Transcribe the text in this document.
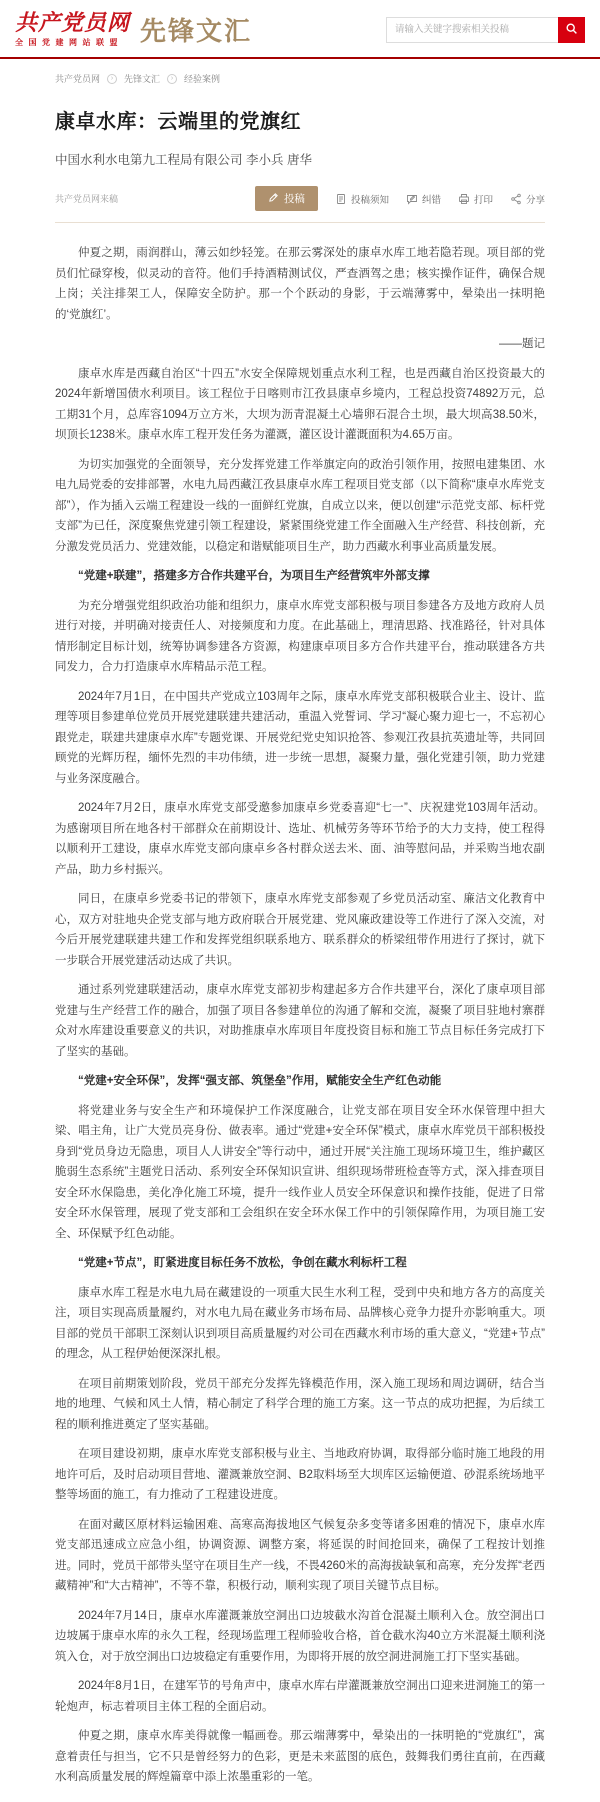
共产党员网
全国党建网站联盟 先锋文汇
请输入关键字搜索相关投稿
共产党员网	›	先锋文汇	›	经验案例
康卓水库：云端里的党旗红
中国水利水电第九工程局有限公司 李小兵 唐华
共产党员网来稿	投稿	投稿须知	纠错	打印	分享

仲夏之期，雨润群山，薄云如纱轻笼。在那云雾深处的康卓水库工地若隐若现。项目部的党员们忙碌穿梭，似灵动的音符。他们手持酒精测试仪，严查酒驾之患；核实操作证件，确保合规上岗；关注排架工人，保障安全防护。那一个个跃动的身影，于云端薄雾中，晕染出一抹明艳的‘党旗红’。

——题记

康卓水库是西藏自治区“十四五”水安全保障规划重点水利工程，也是西藏自治区投资最大的2024年新增国债水利项目。该工程位于日喀则市江孜县康卓乡境内，工程总投资74892万元，总工期31个月，总库容1094万立方米，大坝为沥青混凝土心墙卵石混合土坝，最大坝高38.50米，坝顶长1238米。康卓水库工程开发任务为灌溉，灌区设计灌溉面积为4.65万亩。

为切实加强党的全面领导，充分发挥党建工作举旗定向的政治引领作用，按照电建集团、水电九局党委的安排部署，水电九局西藏江孜县康卓水库工程项目党支部（以下简称“康卓水库党支部”），作为插入云端工程建设一线的一面鲜红党旗，自成立以来，便以创建“示范党支部、标杆党支部”为已任，深度聚焦党建引领工程建设，紧紧围绕党建工作全面融入生产经营、科技创新，充分激发党员活力、党建效能，以稳定和谐赋能项目生产，助力西藏水利事业高质量发展。

“党建+联建”，搭建多方合作共建平台，为项目生产经营筑牢外部支撑

为充分增强党组织政治功能和组织力，康卓水库党支部积极与项目参建各方及地方政府人员进行对接，并明确对接责任人、对接频度和力度。在此基础上，理清思路、找准路径，针对具体情形制定目标计划，统筹协调参建各方资源，构建康卓项目多方合作共建平台，推动联建各方共同发力，合力打造康卓水库精品示范工程。

2024年7月1日，在中国共产党成立103周年之际，康卓水库党支部积极联合业主、设计、监理等项目参建单位党员开展党建联建共建活动，重温入党誓词、学习“凝心聚力迎七一，不忘初心跟党走，联建共建康卓水库”专题党课、开展党纪党史知识抢答、参观江孜县抗英遗址等，共同回顾党的光辉历程，缅怀先烈的丰功伟绩，进一步统一思想，凝聚力量，强化党建引领，助力党建与业务深度融合。

2024年7月2日，康卓水库党支部受邀参加康卓乡党委喜迎“七一”、庆祝建党103周年活动。为感谢项目所在地各村干部群众在前期设计、选址、机械劳务等环节给予的大力支持，使工程得以顺利开工建设，康卓水库党支部向康卓乡各村群众送去米、面、油等慰问品，并采购当地农副产品，助力乡村振兴。

同日，在康卓乡党委书记的带领下，康卓水库党支部参观了乡党员活动室、廉洁文化教育中心，双方对驻地央企党支部与地方政府联合开展党建、党风廉政建设等工作进行了深入交流，对今后开展党建联建共建工作和发挥党组织联系地方、联系群众的桥梁纽带作用进行了探讨，就下一步联合开展党建活动达成了共识。

通过系列党建联建活动，康卓水库党支部初步构建起多方合作共建平台，深化了康卓项目部党建与生产经营工作的融合，加强了项目各参建单位的沟通了解和交流，凝聚了项目驻地村寨群众对水库建设重要意义的共识，对助推康卓水库项目年度投资目标和施工节点目标任务完成打下了坚实的基础。

“党建+安全环保”，发挥“强支部、筑堡垒”作用，赋能安全生产红色动能

将党建业务与安全生产和环境保护工作深度融合，让党支部在项目安全环水保管理中担大梁、唱主角，让广大党员亮身份、做表率。通过“党建+安全环保”模式，康卓水库党员干部积极投身到“党员身边无隐患，项目人人讲安全”等行动中，通过开展“关注施工现场环境卫生，维护藏区脆弱生态系统”主题党日活动、系列安全环保知识宣讲、组织现场带班检查等方式，深入排查项目安全环水保隐患，美化净化施工环境，提升一线作业人员安全环保意识和操作技能，促进了日常安全环水保管理，展现了党支部和工会组织在安全环水保工作中的引领保障作用，为项目施工安全、环保赋予红色动能。

“党建+节点”，盯紧进度目标任务不放松，争创在藏水利标杆工程

康卓水库工程是水电九局在藏建设的一项重大民生水利工程，受到中央和地方各方的高度关注，项目实现高质量履约，对水电九局在藏业务市场布局、品牌核心竞争力提升亦影响重大。项目部的党员干部职工深刻认识到项目高质量履约对公司在西藏水利市场的重大意义，“党建+节点”的理念，从工程伊始便深深扎根。

在项目前期策划阶段，党员干部充分发挥先锋模范作用，深入施工现场和周边调研，结合当地的地理、气候和风土人情，精心制定了科学合理的施工方案。这一节点的成功把握，为后续工程的顺利推进奠定了坚实基础。

在项目建设初期，康卓水库党支部积极与业主、当地政府协调，取得部分临时施工地段的用地许可后，及时启动项目营地、灌溉兼放空洞、B2取料场至大坝库区运输便道、砂混系统场地平整等场面的施工，有力推动了工程建设进度。

在面对藏区原材料运输困难、高寒高海拔地区气候复杂多变等诸多困难的情况下，康卓水库党支部迅速成立应急小组，协调资源、调整方案，将延误的时间抢回来，确保了工程按计划推进。同时，党员干部带头坚守在项目生产一线，不畏4260米的高海拔缺氧和高寒，充分发挥“老西藏精神”和“大古精神”，不等不靠，积极行动，顺利实现了项目关键节点目标。

2024年7月14日，康卓水库灌溉兼放空洞出口边坡截水沟首仓混凝土顺利入仓。放空洞出口边坡属于康卓水库的永久工程，经现场监理工程师验收合格，首仓截水沟40立方米混凝土顺利浇筑入仓，对于放空洞出口边坡稳定有重要作用，为即将开展的放空洞进洞施工打下坚实基础。

2024年8月1日，在建军节的号角声中，康卓水库右岸灌溉兼放空洞出口迎来进洞施工的第一轮炮声，标志着项目主体工程的全面启动。

仲夏之期，康卓水库美得就像一幅画卷。那云端薄雾中，晕染出的一抹明艳的“党旗红”，寓意着责任与担当，它不只是曾经努力的色彩，更是未来蓝图的底色，鼓舞我们勇往直前，在西藏水利高质量发展的辉煌篇章中添上浓墨重彩的一笔。
